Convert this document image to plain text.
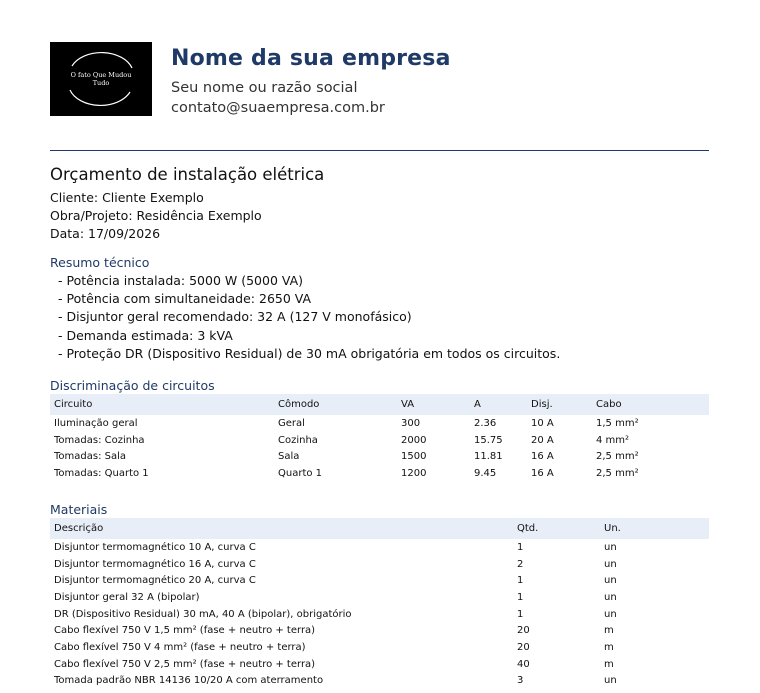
O fato Que Mudou
Tudo
Nome da sua empresa
Seu nome ou razão social
contato@suaempresa.com.br
Orçamento de instalação elétrica
Cliente: Cliente Exemplo
Obra/Projeto: Residência Exemplo
Data: 17/09/2026
Resumo técnico
- Potência instalada: 5000 W (5000 VA)
- Potência com simultaneidade: 2650 VA
- Disjuntor geral recomendado: 32 A (127 V monofásico)
- Demanda estimada: 3 kVA
- Proteção DR (Dispositivo Residual) de 30 mA obrigatória em todos os circuitos.
Discriminação de circuitos
Circuito	Cômodo	VA	A	Disj.	Cabo
Iluminação geral	Geral	300	2.36	10 A	1,5 mm²
Tomadas: Cozinha	Cozinha	2000	15.75	20 A	4 mm²
Tomadas: Sala	Sala	1500	11.81	16 A	2,5 mm²
Tomadas: Quarto 1	Quarto 1	1200	9.45	16 A	2,5 mm²
Materiais
Descrição	Qtd.	Un.
Disjuntor termomagnético 10 A, curva C	1	un
Disjuntor termomagnético 16 A, curva C	2	un
Disjuntor termomagnético 20 A, curva C	1	un
Disjuntor geral 32 A (bipolar)	1	un
DR (Dispositivo Residual) 30 mA, 40 A (bipolar), obrigatório	1	un
Cabo flexível 750 V 1,5 mm² (fase + neutro + terra)	20	m
Cabo flexível 750 V 4 mm² (fase + neutro + terra)	20	m
Cabo flexível 750 V 2,5 mm² (fase + neutro + terra)	40	m
Tomada padrão NBR 14136 10/20 A com aterramento	3	un
